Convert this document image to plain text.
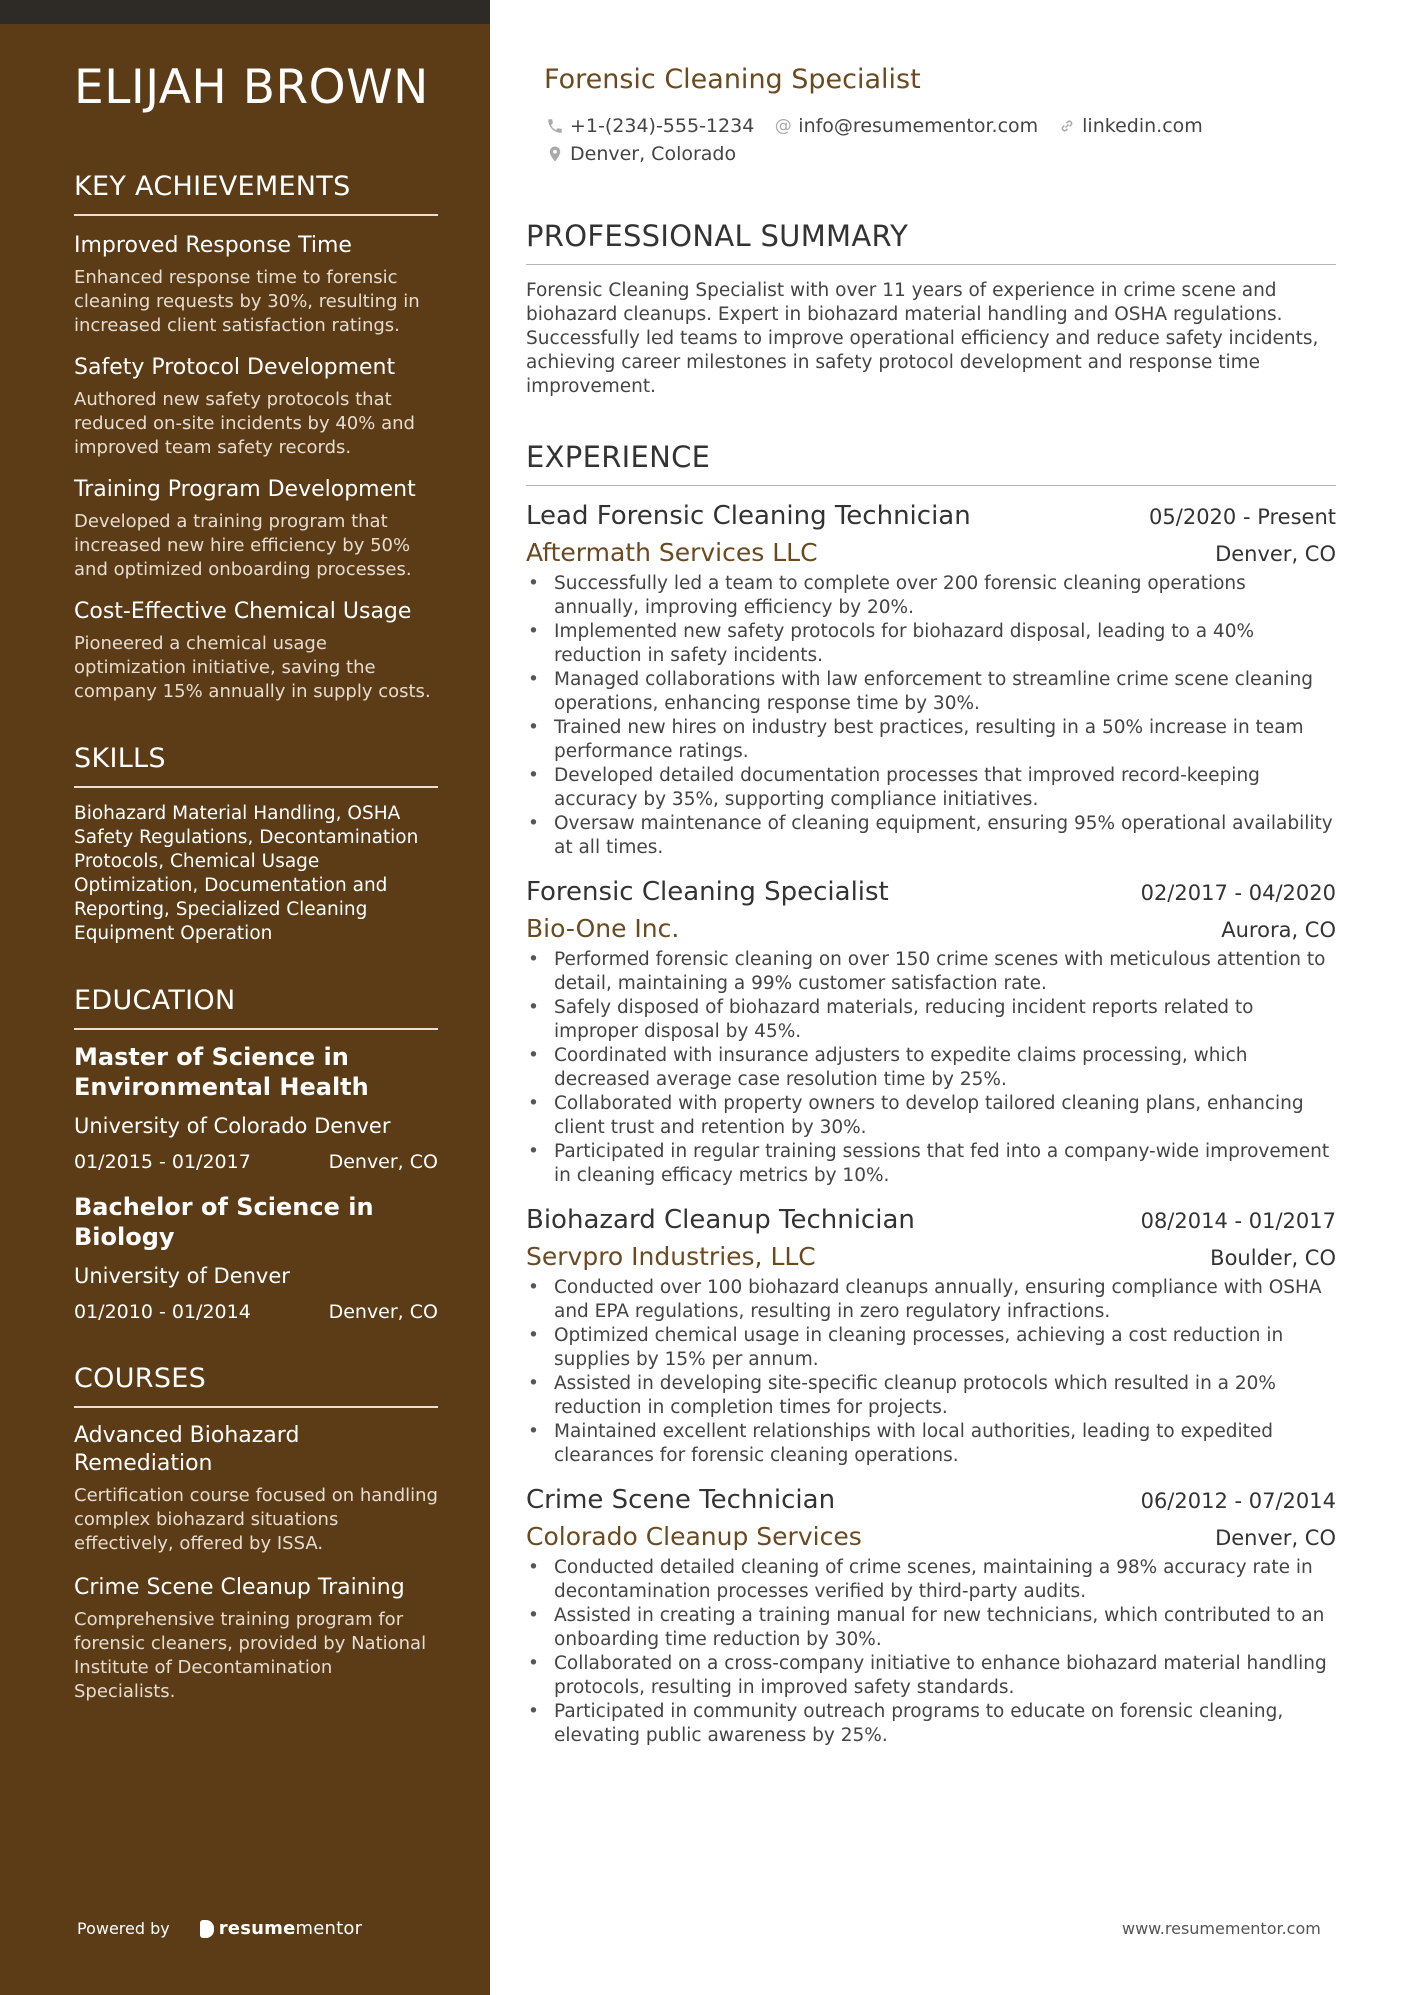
ELIJAH BROWN
KEY ACHIEVEMENTS
Improved Response Time
Enhanced response time to forensic cleaning requests by 30%, resulting in increased client satisfaction ratings.
Safety Protocol Development
Authored new safety protocols that reduced on-site incidents by 40% and improved team safety records.
Training Program Development
Developed a training program that increased new hire efficiency by 50% and optimized onboarding processes.
Cost-Effective Chemical Usage
Pioneered a chemical usage optimization initiative, saving the company 15% annually in supply costs.
SKILLS
Biohazard Material Handling, OSHA Safety Regulations, Decontamination Protocols, Chemical Usage Optimization, Documentation and Reporting, Specialized Cleaning Equipment Operation
EDUCATION
Master of Science in Environmental Health
University of Colorado Denver
01/2015 - 01/2017	Denver, CO
Bachelor of Science in Biology
University of Denver
01/2010 - 01/2014	Denver, CO
COURSES
Advanced Biohazard Remediation
Certification course focused on handling complex biohazard situations effectively, offered by ISSA.
Crime Scene Cleanup Training
Comprehensive training program for forensic cleaners, provided by National Institute of Decontamination Specialists.
Powered by	resume mentor
Forensic Cleaning Specialist
+1-(234)-555-1234 @ info@resumementor.com linkedin.com
Denver, Colorado
PROFESSIONAL SUMMARY
Forensic Cleaning Specialist with over 11 years of experience in crime scene and biohazard cleanups. Expert in biohazard material handling and OSHA regulations. Successfully led teams to improve operational efficiency and reduce safety incidents, achieving career milestones in safety protocol development and response time improvement.
EXPERIENCE
Lead Forensic Cleaning Technician	05/2020 - Present
Aftermath Services LLC	Denver, CO
• Successfully led a team to complete over 200 forensic cleaning operations annually, improving efficiency by 20%.
• Implemented new safety protocols for biohazard disposal, leading to a 40% reduction in safety incidents.
• Managed collaborations with law enforcement to streamline crime scene cleaning operations, enhancing response time by 30%.
• Trained new hires on industry best practices, resulting in a 50% increase in team performance ratings.
• Developed detailed documentation processes that improved record-keeping accuracy by 35%, supporting compliance initiatives.
• Oversaw maintenance of cleaning equipment, ensuring 95% operational availability at all times.
Forensic Cleaning Specialist	02/2017 - 04/2020
Bio-One Inc.	Aurora, CO
• Performed forensic cleaning on over 150 crime scenes with meticulous attention to detail, maintaining a 99% customer satisfaction rate.
• Safely disposed of biohazard materials, reducing incident reports related to improper disposal by 45%.
• Coordinated with insurance adjusters to expedite claims processing, which decreased average case resolution time by 25%.
• Collaborated with property owners to develop tailored cleaning plans, enhancing client trust and retention by 30%.
• Participated in regular training sessions that fed into a company-wide improvement in cleaning efficacy metrics by 10%.
Biohazard Cleanup Technician	08/2014 - 01/2017
Servpro Industries, LLC	Boulder, CO
• Conducted over 100 biohazard cleanups annually, ensuring compliance with OSHA and EPA regulations, resulting in zero regulatory infractions.
• Optimized chemical usage in cleaning processes, achieving a cost reduction in supplies by 15% per annum.
• Assisted in developing site-specific cleanup protocols which resulted in a 20% reduction in completion times for projects.
• Maintained excellent relationships with local authorities, leading to expedited clearances for forensic cleaning operations.
Crime Scene Technician	06/2012 - 07/2014
Colorado Cleanup Services	Denver, CO
• Conducted detailed cleaning of crime scenes, maintaining a 98% accuracy rate in decontamination processes verified by third-party audits.
• Assisted in creating a training manual for new technicians, which contributed to an onboarding time reduction by 30%.
• Collaborated on a cross-company initiative to enhance biohazard material handling protocols, resulting in improved safety standards.
• Participated in community outreach programs to educate on forensic cleaning, elevating public awareness by 25%.
www.resumementor.com
